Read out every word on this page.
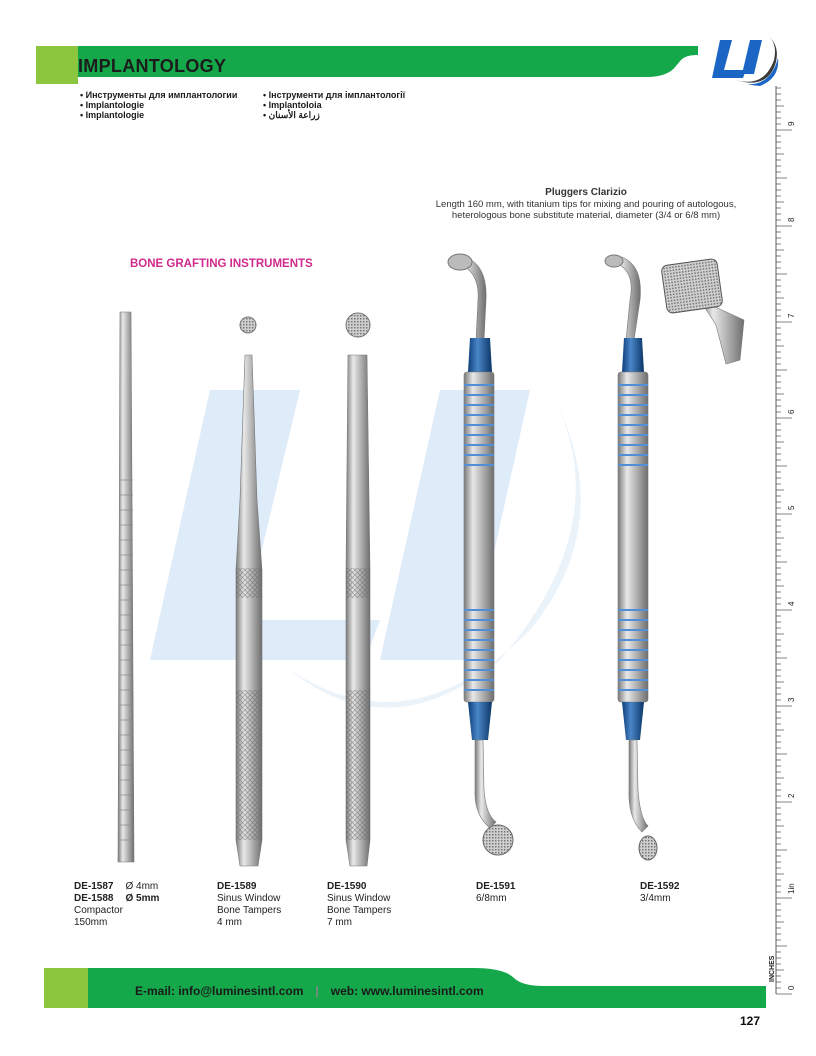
IMPLANTOLOGY
• Инструменты для имплантологии
• Implantologie
• Implantologie
• Інструменти для імплантології
• Implantoloia
زراعة الأسنان •
BONE GRAFTING INSTRUMENTS
Pluggers Clarizio
Length 160 mm, with titanium tips for mixing and pouring of autologous,
heterologous bone substitute material, diameter (3/4 or 6/8 mm)
DE-1587 Ø 4mm
DE-1588 Ø 5mm
Compactor
150mm
DE-1589
Sinus Window
Bone Tampers
4 mm
DE-1590
Sinus Window
Bone Tampers
7 mm
DE-1591
6/8mm
DE-1592
3/4mm
0
1in
2
3
4
5
6
7
8
9
INCHES
E-mail: info@luminesintl.com | web: www.luminesintl.com
127
